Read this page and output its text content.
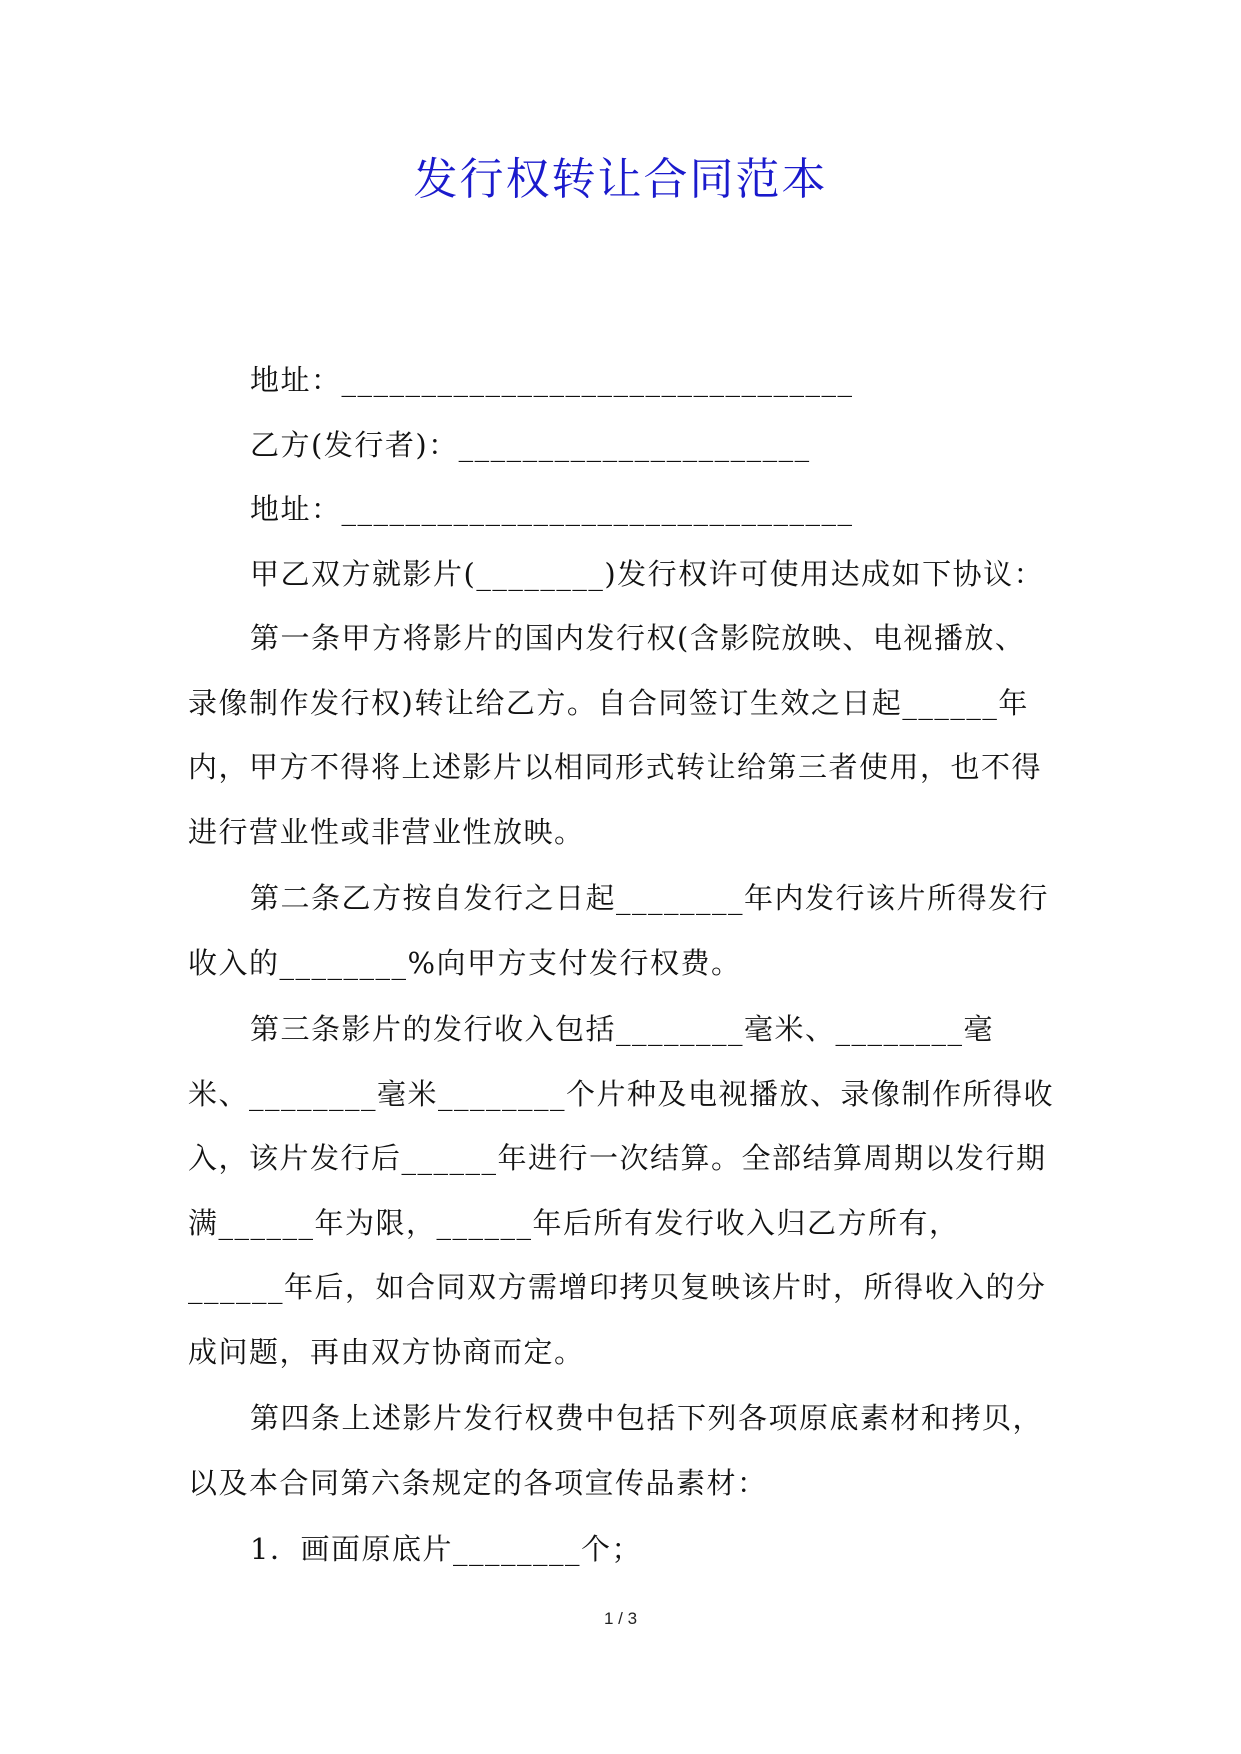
发行权转让合同范本

地址：________________________________

乙方(发行者)：______________________

地址：________________________________

甲乙双方就影片(________)发行权许可使用达成如下协议：

第一条甲方将影片的国内发行权(含影院放映、电视播放、录像制作发行权)转让给乙方。自合同签订生效之日起______年内，甲方不得将上述影片以相同形式转让给第三者使用，也不得进行营业性或非营业性放映。

第二条乙方按自发行之日起________年内发行该片所得发行收入的________%向甲方支付发行权费。

第三条影片的发行收入包括________毫米、________毫米、________毫米________个片种及电视播放、录像制作所得收入，该片发行后______年进行一次结算。全部结算周期以发行期满______年为限，______年后所有发行收入归乙方所有，______年后，如合同双方需增印拷贝复映该片时，所得收入的分成问题，再由双方协商而定。

第四条上述影片发行权费中包括下列各项原底素材和拷贝，以及本合同第六条规定的各项宣传品素材：

1．画面原底片________个；

1 / 3
